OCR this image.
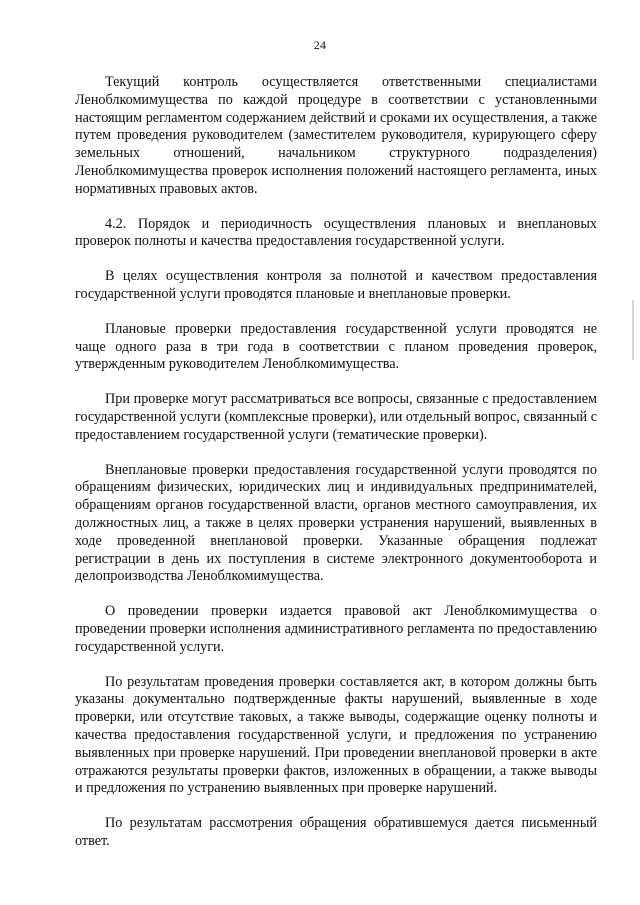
24

Текущий контроль осуществляется ответственными специалистами Леноблкомимущества по каждой процедуре в соответствии с установленными настоящим регламентом содержанием действий и сроками их осуществления, а также путем проведения руководителем (заместителем руководителя, курирующего сферу земельных отношений, начальником структурного подразделения) Леноблкомимущества проверок исполнения положений настоящего регламента, иных нормативных правовых актов.

4.2. Порядок и периодичность осуществления плановых и внеплановых проверок полноты и качества предоставления государственной услуги.

В целях осуществления контроля за полнотой и качеством предоставления государственной услуги проводятся плановые и внеплановые проверки.

Плановые проверки предоставления государственной услуги проводятся не чаще одного раза в три года в соответствии с планом проведения проверок, утвержденным руководителем Леноблкомимущества.

При проверке могут рассматриваться все вопросы, связанные с предоставлением государственной услуги (комплексные проверки), или отдельный вопрос, связанный с предоставлением государственной услуги (тематические проверки).

Внеплановые проверки предоставления государственной услуги проводятся по обращениям физических, юридических лиц и индивидуальных предпринимателей, обращениям органов государственной власти, органов местного самоуправления, их должностных лиц, а также в целях проверки устранения нарушений, выявленных в ходе проведенной внеплановой проверки. Указанные обращения подлежат регистрации в день их поступления в системе электронного документооборота и делопроизводства Леноблкомимущества.

О проведении проверки издается правовой акт Леноблкомимущества о проведении проверки исполнения административного регламента по предоставлению государственной услуги.

По результатам проведения проверки составляется акт, в котором должны быть указаны документально подтвержденные факты нарушений, выявленные в ходе проверки, или отсутствие таковых, а также выводы, содержащие оценку полноты и качества предоставления государственной услуги, и предложения по устранению выявленных при проверке нарушений. При проведении внеплановой проверки в акте отражаются результаты проверки фактов, изложенных в обращении, а также выводы и предложения по устранению выявленных при проверке нарушений.

По результатам рассмотрения обращения обратившемуся дается письменный ответ.
